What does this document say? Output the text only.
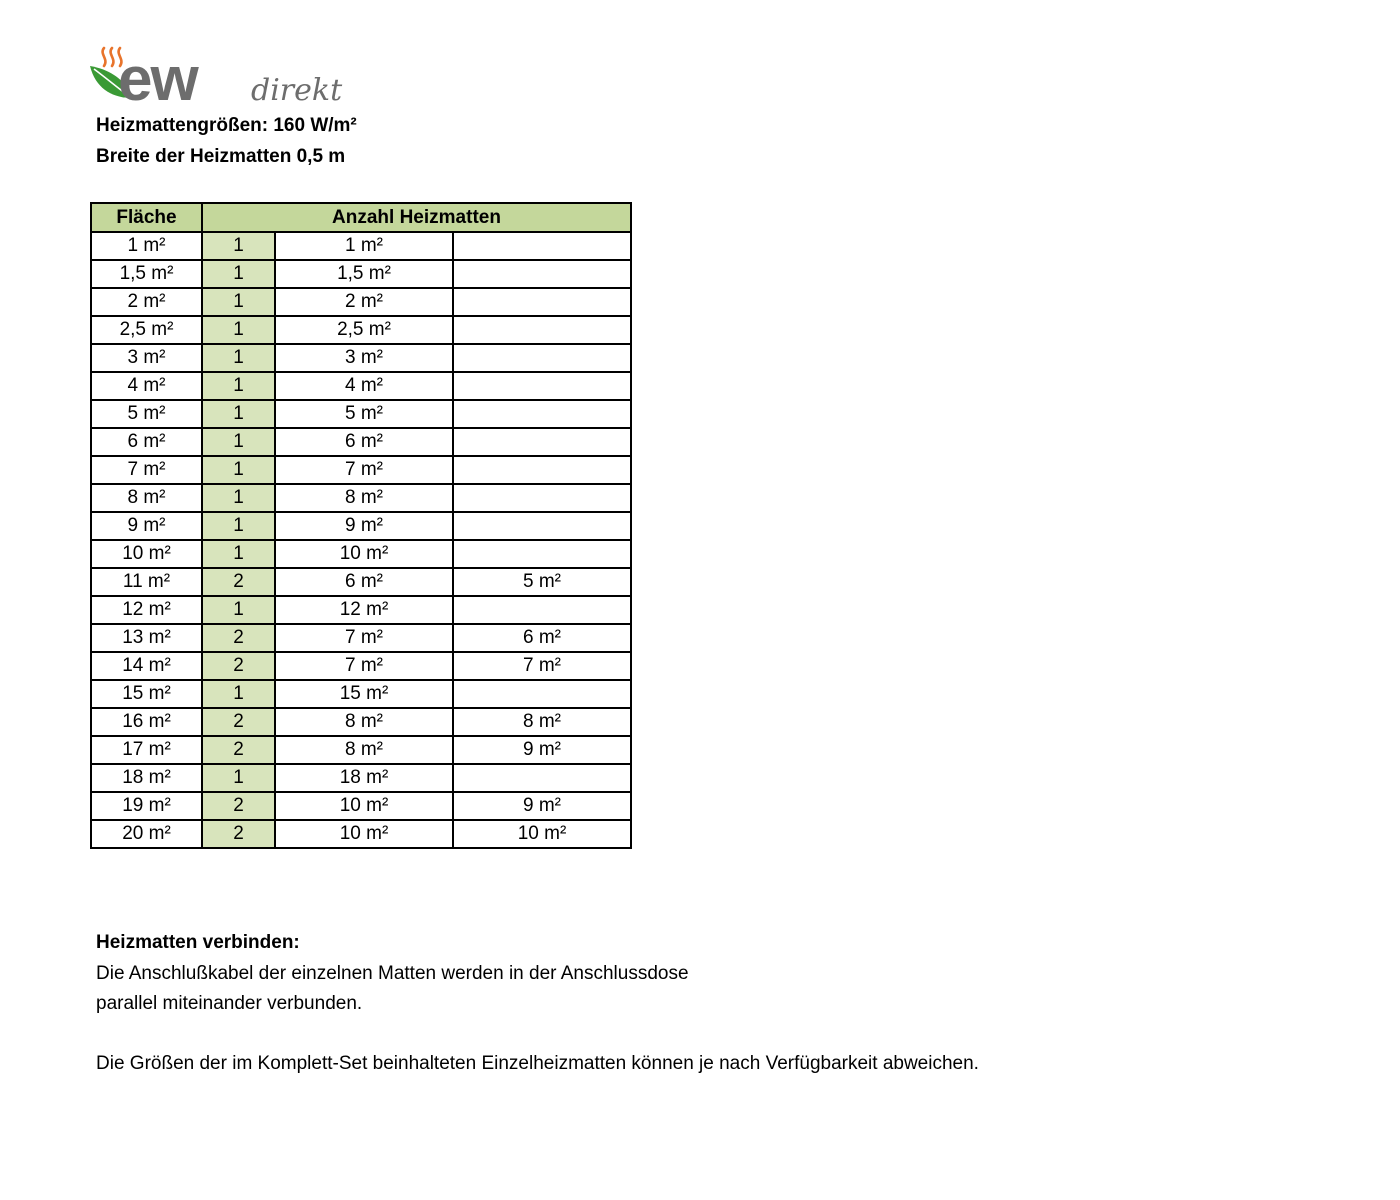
ew direkt
Heizmattengrößen: 160 W/m²
Breite der Heizmatten 0,5 m
Fläche	Anzahl Heizmatten		
1 m²	1	1 m²	
1,5 m²	1	1,5 m²	
2 m²	1	2 m²	
2,5 m²	1	2,5 m²	
3 m²	1	3 m²	
4 m²	1	4 m²	
5 m²	1	5 m²	
6 m²	1	6 m²	
7 m²	1	7 m²	
8 m²	1	8 m²	
9 m²	1	9 m²	
10 m²	1	10 m²	
11 m²	2	6 m²	5 m²
12 m²	1	12 m²	
13 m²	2	7 m²	6 m²
14 m²	2	7 m²	7 m²
15 m²	1	15 m²	
16 m²	2	8 m²	8 m²
17 m²	2	8 m²	9 m²
18 m²	1	18 m²	
19 m²	2	10 m²	9 m²
20 m²	2	10 m²	10 m²
Heizmatten verbinden:
Die Anschlußkabel der einzelnen Matten werden in der Anschlussdose
parallel miteinander verbunden.
Die Größen der im Komplett-Set beinhalteten Einzelheizmatten können je nach Verfügbarkeit abweichen.
